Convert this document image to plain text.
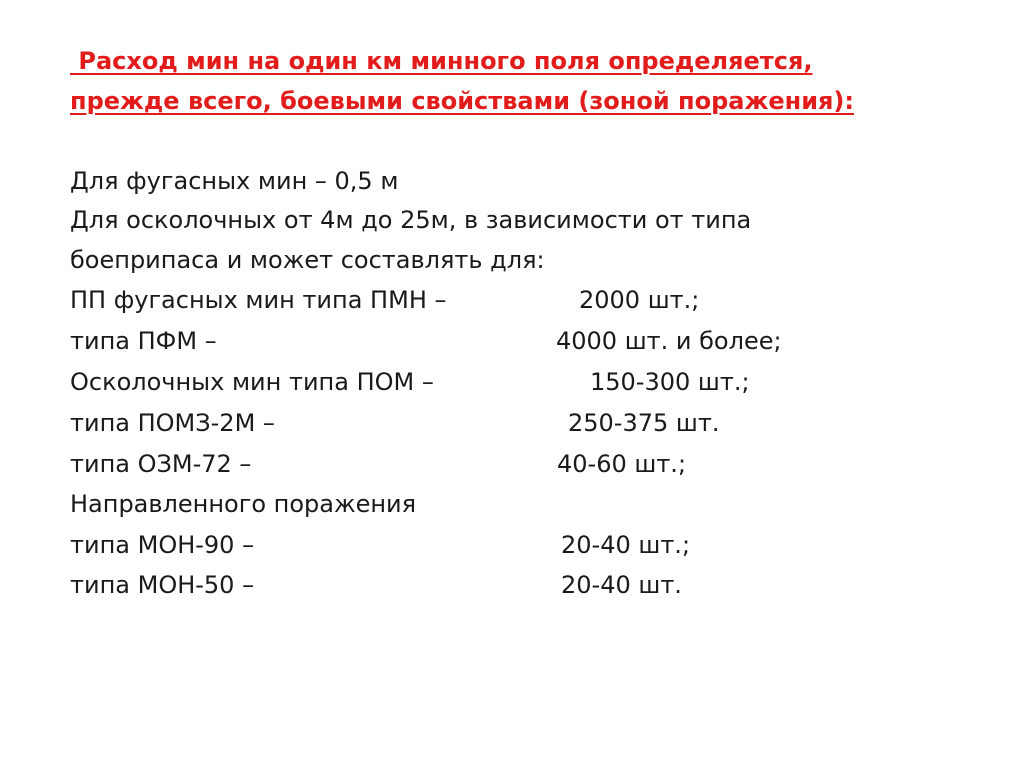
Расход мин на один км минного поля определяется,
прежде всего, боевыми свойствами (зоной поражения):

Для фугасных мин – 0,5 м

Для осколочных от 4м до 25м, в зависимости от типа

боеприпаса и может составлять для:

ПП фугасных мин типа ПМН –	2000 шт.;

типа ПФМ –	4000 шт. и более;

Осколочных мин типа ПОМ –	150-300 шт.;

типа ПОМЗ-2М –	250-375 шт.

типа ОЗМ-72 –	40-60 шт.;

Направленного поражения

типа МОН-90 –	20-40 шт.;

типа МОН-50 –	20-40 шт.
